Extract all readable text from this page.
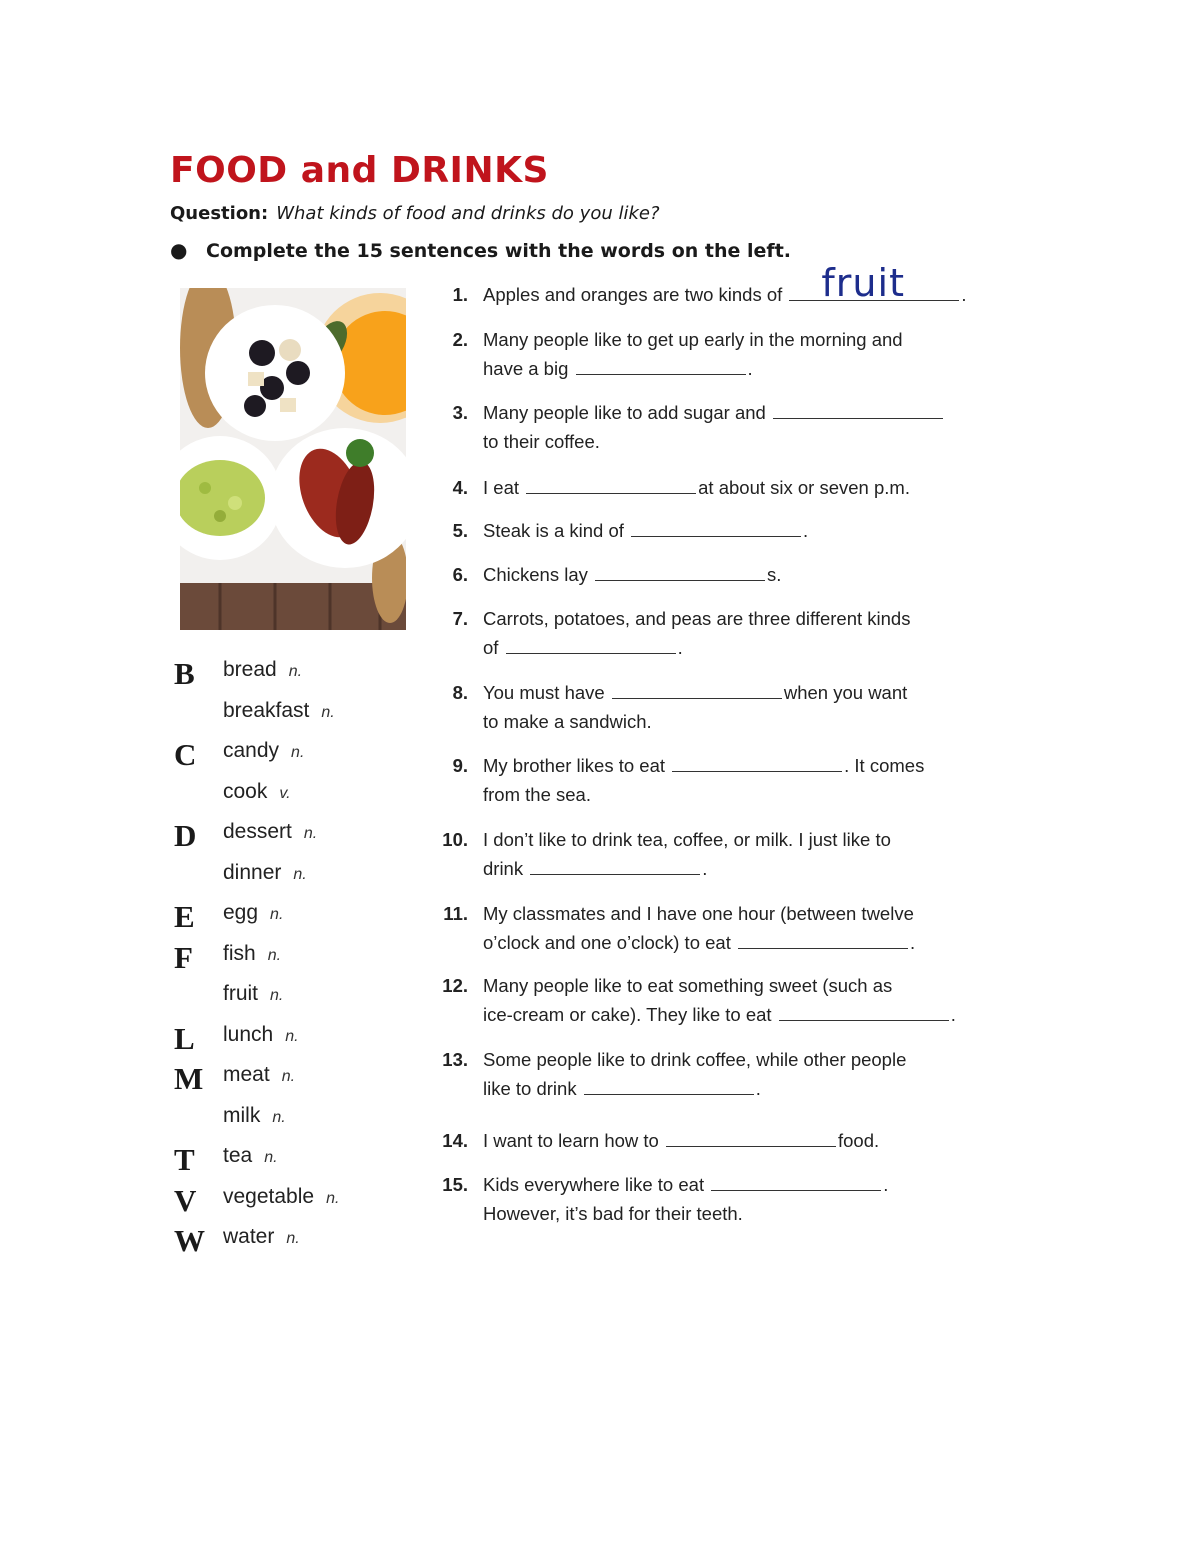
FOOD and DRINKS
Question: What kinds of food and drinks do you like?
● Complete the 15 sentences with the words on the left.
B	bread n.
breakfast n.
C	candy n.
cook v.
D	dessert n.
dinner n.
E	egg n.
F	fish n.
fruit n.
L	lunch n.
M meat n.
milk n.
T	tea n.
V	vegetable n.
W water n.
1. Apples and oranges are two kinds of fruit	.
2. Many people like to get up early in the morning and
have a big	.
3. Many people like to add sugar and
to their coffee.
4. I eat	at about six or seven p.m.
5. Steak is a kind of	.
6. Chickens lay	s.
7. Carrots, potatoes, and peas are three different kinds
of	.
8. You must have	when you want
to make a sandwich.
9. My brother likes to eat	. It comes
from the sea.
10. I don’t like to drink tea, coffee, or milk. I just like to
drink	.
11. My classmates and I have one hour (between twelve
o’clock and one o’clock) to eat	.
12. Many people like to eat something sweet (such as
ice-cream or cake). They like to eat	.
13. Some people like to drink coffee, while other people
like to drink	.
14. I want to learn how to	food.
15. Kids everywhere like to eat	.
However, it’s bad for their teeth.
